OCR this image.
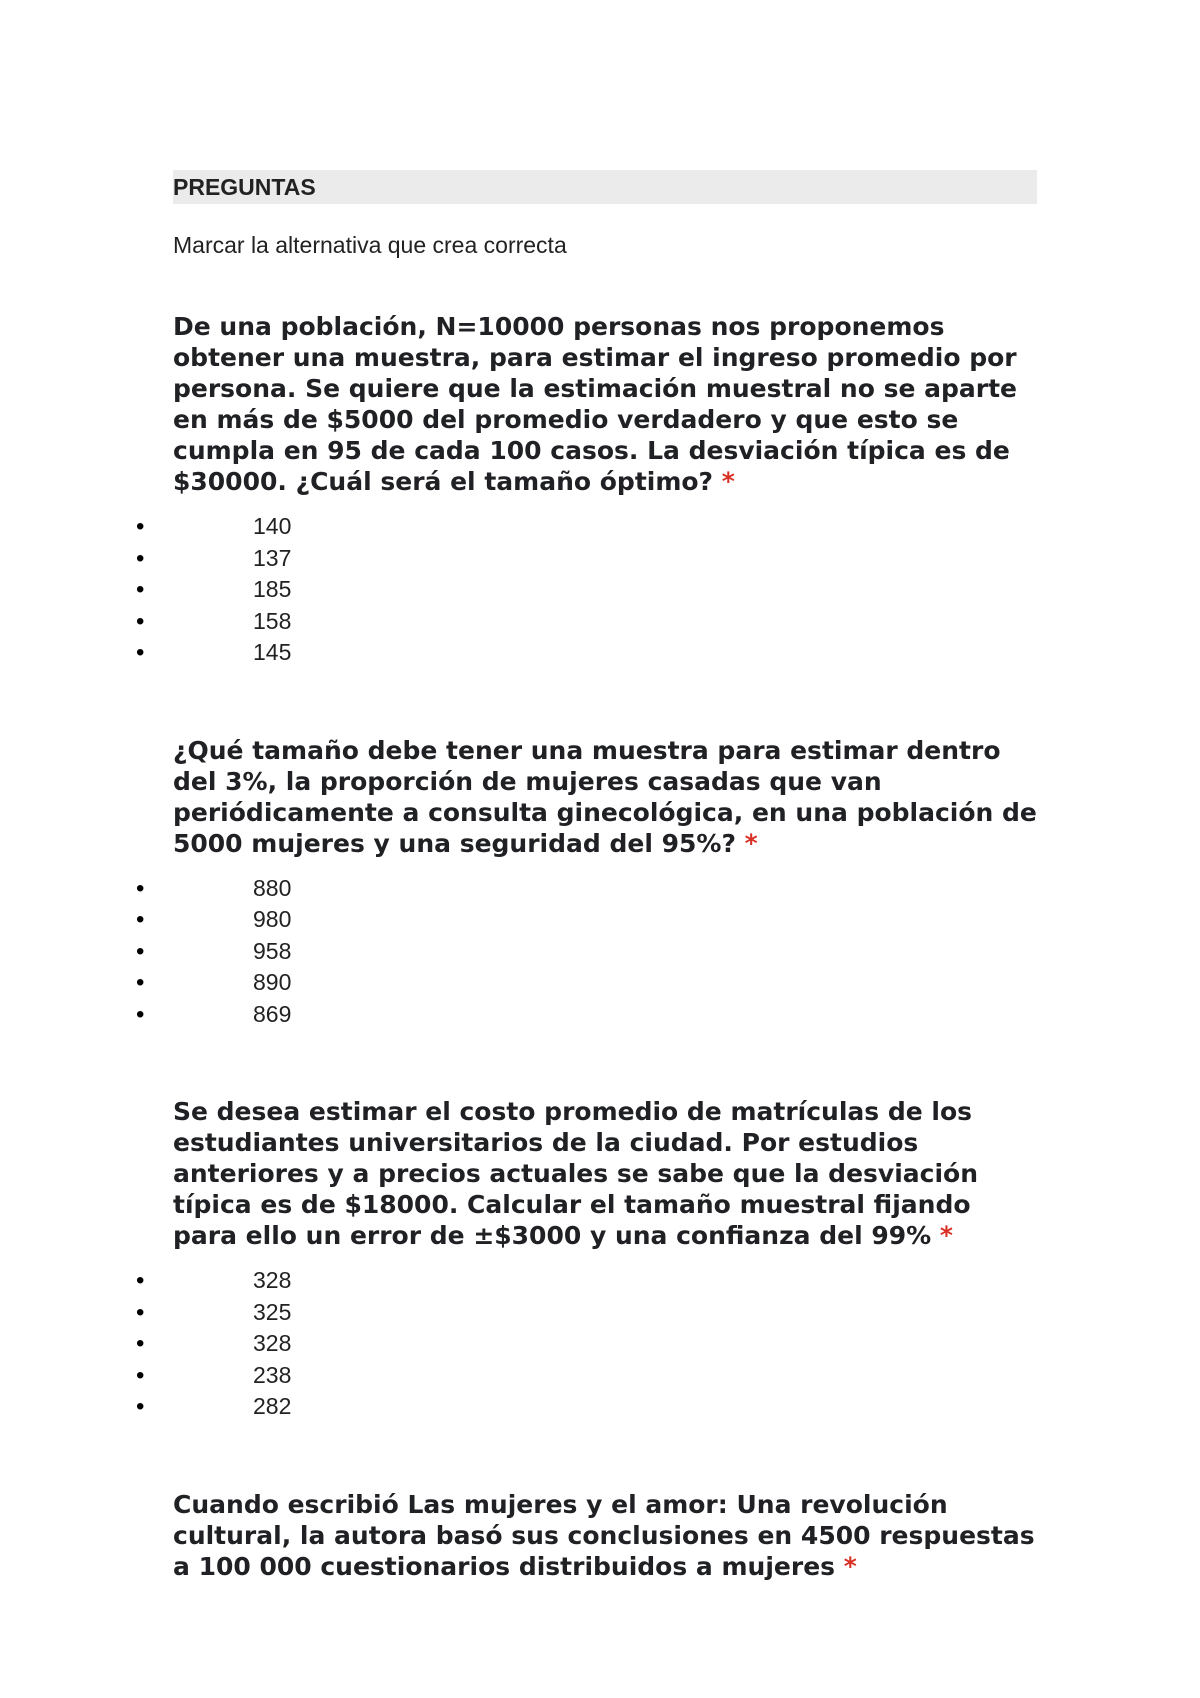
PREGUNTAS
Marcar la alternativa que crea correcta

De una población, N=10000 personas nos proponemos obtener una muestra, para estimar el ingreso promedio por persona. Se quiere que la estimación muestral no se aparte en más de $5000 del promedio verdadero y que esto se cumpla en 95 de cada 100 casos. La desviación típica es de $30000. ¿Cuál será el tamaño óptimo? *

•	140
•	137
•	185
•	158
•	145

¿Qué tamaño debe tener una muestra para estimar dentro del 3%, la proporción de mujeres casadas que van periódicamente a consulta ginecológica, en una población de 5000 mujeres y una seguridad del 95%? *

•	880
•	980
•	958
•	890
•	869

Se desea estimar el costo promedio de matrículas de los estudiantes universitarios de la ciudad. Por estudios anteriores y a precios actuales se sabe que la desviación típica es de $18000. Calcular el tamaño muestral fijando para ello un error de ±$3000 y una confianza del 99% *

•	328
•	325
•	328
•	238
•	282

Cuando escribió Las mujeres y el amor: Una revolución cultural, la autora basó sus conclusiones en 4500 respuestas a 100 000 cuestionarios distribuidos a mujeres *
